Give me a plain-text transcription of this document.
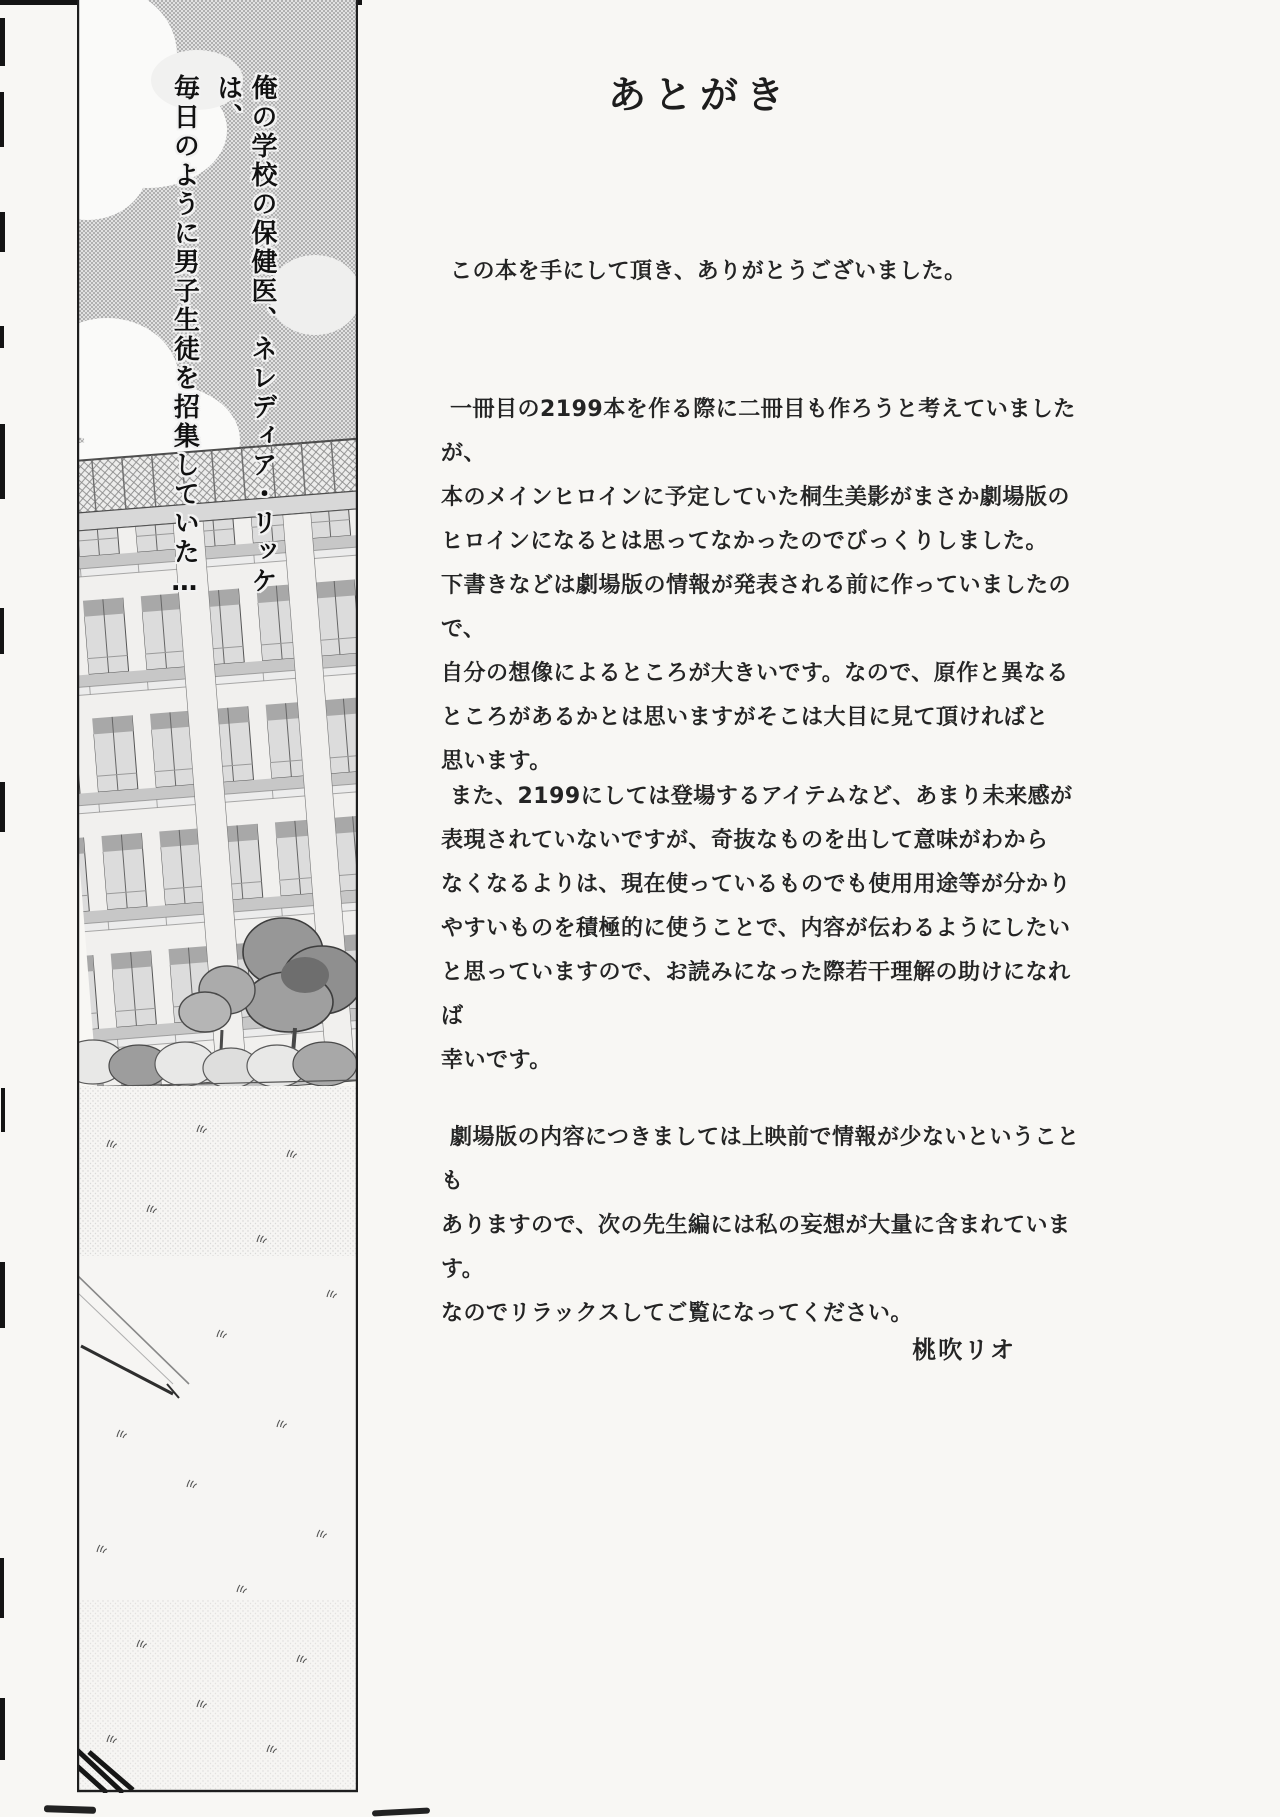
俺の学校の保健医、ネレディア・リッケは、
毎日のように男子生徒を招集していた…	あとがき
この本を手にして頂き、ありがとうございました。
一冊目の2199本を作る際に二冊目も作ろうと考えていましたが、
本のメインヒロインに予定していた桐生美影がまさか劇場版の
ヒロインになるとは思ってなかったのでびっくりしました。
下書きなどは劇場版の情報が発表される前に作っていましたので、
自分の想像によるところが大きいです。なので、原作と異なる
ところがあるかとは思いますがそこは大目に見て頂ければと
思います。
また、2199にしては登場するアイテムなど、あまり未来感が
表現されていないですが、奇抜なものを出して意味がわから
なくなるよりは、現在使っているものでも使用用途等が分かり
やすいものを積極的に使うことで、内容が伝わるようにしたい
と思っていますので、お読みになった際若干理解の助けになれば
幸いです。
劇場版の内容につきましては上映前で情報が少ないということも
ありますので、次の先生編には私の妄想が大量に含まれています。
なのでリラックスしてご覧になってください。
桃吹リオ
